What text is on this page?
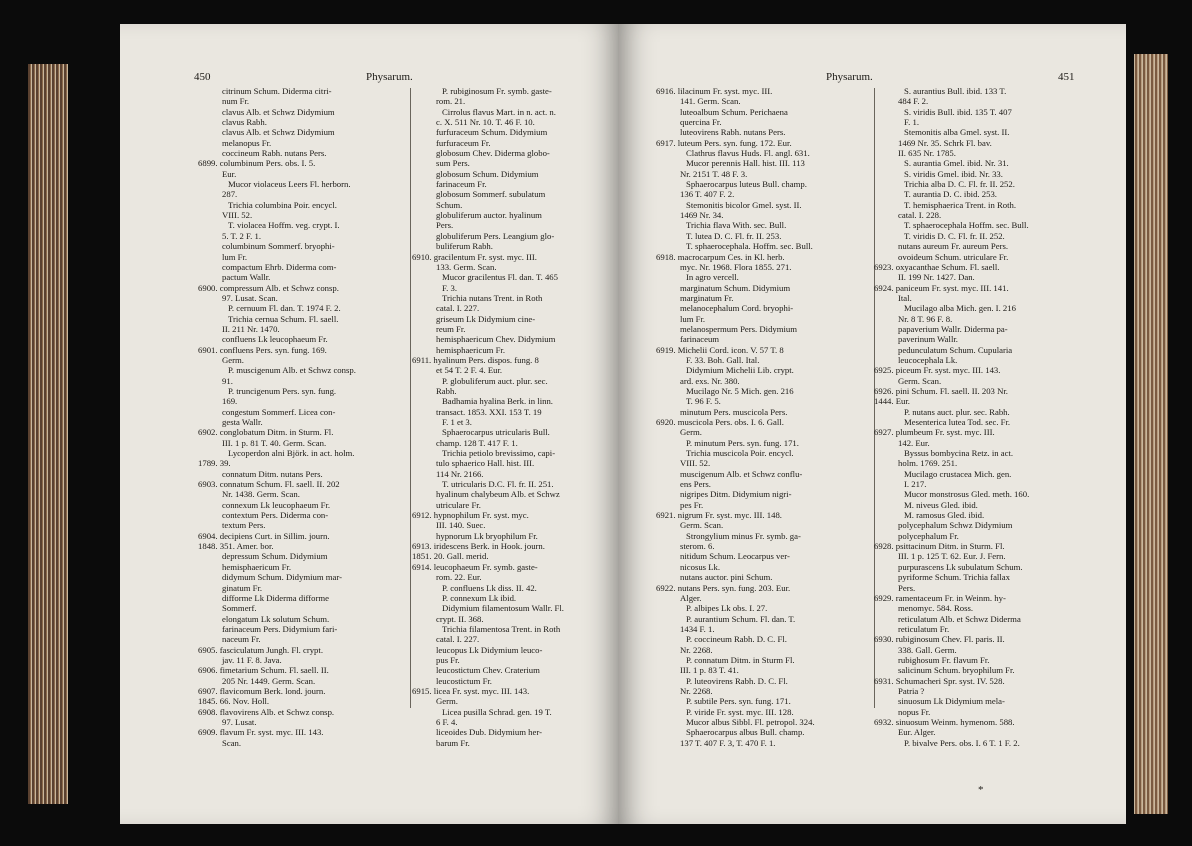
450	Physarum.
citrinum Schum. Diderma citri-
num Fr.
clavus Alb. et Schwz Didymium
clavus Rabh.
clavus Alb. et Schwz Didymium
melanopus Fr.
coccineum Rabh. nutans Pers.
6899. columbinum Pers. obs. I. 5.
Eur.
Mucor violaceus Leers Fl. herborn.
287.
Trichia columbina Poir. encycl.
VIII. 52.
T. violacea Hoffm. veg. crypt. I.
5. T. 2 F. 1.
columbinum Sommerf. bryophi-
lum Fr.
compactum Ehrb. Diderma com-
pactum Wallr.
6900. compressum Alb. et Schwz consp.
97. Lusat. Scan.
P. cernuum Fl. dan. T. 1974 F. 2.
Trichia cernua Schum. Fl. saell.
II. 211 Nr. 1470.
confluens Lk leucophaeum Fr.
6901. confluens Pers. syn. fung. 169.
Germ.
P. muscigenum Alb. et Schwz consp.
91.
P. truncigenum Pers. syn. fung.
169.
congestum Sommerf. Licea con-
gesta Wallr.
6902. conglobatum Ditm. in Sturm. Fl.
III. 1 p. 81 T. 40. Germ. Scan.
Lycoperdon alni Björk. in act. holm.
1789. 39.
connatum Ditm. nutans Pers.
6903. connatum Schum. Fl. saell. II. 202
Nr. 1438. Germ. Scan.
connexum Lk leucophaeum Fr.
contextum Pers. Diderma con-
textum Pers.
6904. decipiens Curt. in Sillim. journ.
1848. 351. Amer. bor.
depressum Schum. Didymium
hemisphaericum Fr.
didymum Schum. Didymium mar-
ginatum Fr.
difforme Lk Diderma difforme
Sommerf.
elongatum Lk solutum Schum.
farinaceum Pers. Didymium fari-
naceum Fr.
6905. fasciculatum Jungh. Fl. crypt.
jav. 11 F. 8. Java.
6906. fimetarium Schum. Fl. saell. II.
205 Nr. 1449. Germ. Scan.
6907. flavicomum Berk. lond. journ.
1845. 66. Nov. Holl.
6908. flavovirens Alb. et Schwz consp.
97. Lusat.
6909. flavum Fr. syst. myc. III. 143.
Scan.
P. rubiginosum Fr. symb. gaste-
rom. 21.
Cirrolus flavus Mart. in n. act. n.
c. X. 511 Nr. 10. T. 46 F. 10.
furfuraceum Schum. Didymium
furfuraceum Fr.
globosum Chev. Diderma globo-
sum Pers.
globosum Schum. Didymium
farinaceum Fr.
globosum Sommerf. subulatum
Schum.
globuliferum auctor. hyalinum
Pers.
globuliferum Pers. Leangium glo-
buliferum Rabh.
6910. gracilentum Fr. syst. myc. III.
133. Germ. Scan.
Mucor gracilentus Fl. dan. T. 465
F. 3.
Trichia nutans Trent. in Roth
catal. I. 227.
griseum Lk Didymium cine-
reum Fr.
hemisphaericum Chev. Didymium
hemisphaericum Fr.
6911. hyalinum Pers. dispos. fung. 8
et 54 T. 2 F. 4. Eur.
P. globuliferum auct. plur. sec.
Rabh.
Badhamia hyalina Berk. in linn.
transact. 1853. XXI. 153 T. 19
F. 1 et 3.
Sphaerocarpus utricularis Bull.
champ. 128 T. 417 F. 1.
Trichia petiolo brevissimo, capi-
tulo sphaerico Hall. hist. III.
114 Nr. 2166.
T. utricularis D.C. Fl. fr. II. 251.
hyalinum chalybeum Alb. et Schwz
utriculare Fr.
6912. hypnophilum Fr. syst. myc.
III. 140. Suec.
hypnorum Lk bryophilum Fr.
6913. iridescens Berk. in Hook. journ.
1851. 20. Gall. merid.
6914. leucophaeum Fr. symb. gaste-
rom. 22. Eur.
P. confluens Lk diss. II. 42.
P. connexum Lk ibid.
Didymium filamentosum Wallr. Fl.
crypt. II. 368.
Trichia filamentosa Trent. in Roth
catal. I. 227.
leucopus Lk Didymium leuco-
pus Fr.
leucostictum Chev. Craterium
leucostictum Fr.
6915. licea Fr. syst. myc. III. 143.
Germ.
Licea pusilla Schrad. gen. 19 T.
6 F. 4.
liceoides Dub. Didymium her-
barum Fr.
Physarum.	451
6916. lilacinum Fr. syst. myc. III.
141. Germ. Scan.
luteoalbum Schum. Perichaena
quercina Fr.
luteovirens Rabh. nutans Pers.
6917. luteum Pers. syn. fung. 172. Eur.
Clathrus flavus Huds. Fl. angl. 631.
Mucor perennis Hall. hist. III. 113
Nr. 2151 T. 48 F. 3.
Sphaerocarpus luteus Bull. champ.
136 T. 407 F. 2.
Stemonitis bicolor Gmel. syst. II.
1469 Nr. 34.
Trichia flava With. sec. Bull.
T. lutea D. C. Fl. fr. II. 253.
T. sphaerocephala. Hoffm. sec. Bull.
6918. macrocarpum Ces. in Kl. herb.
myc. Nr. 1968. Flora 1855. 271.
In agro vercell.
marginatum Schum. Didymium
marginatum Fr.
melanocephalum Cord. bryophi-
lum Fr.
melanospermum Pers. Didymium
farinaceum
6919. Michelii Cord. icon. V. 57 T. 8
F. 33. Boh. Gall. Ital.
Didymium Michelii Lib. crypt.
ard. exs. Nr. 380.
Mucilago Nr. 5 Mich. gen. 216
T. 96 F. 5.
minutum Pers. muscicola Pers.
6920. muscicola Pers. obs. I. 6. Gall.
Germ.
P. minutum Pers. syn. fung. 171.
Trichia muscicola Poir. encycl.
VIII. 52.
muscigenum Alb. et Schwz conflu-
ens Pers.
nigripes Ditm. Didymium nigri-
pes Fr.
6921. nigrum Fr. syst. myc. III. 148.
Germ. Scan.
Strongylium minus Fr. symb. ga-
sterom. 6.
nitidum Schum. Leocarpus ver-
nicosus Lk.
nutans auctor. pini Schum.
6922. nutans Pers. syn. fung. 203. Eur.
Alger.
P. albipes Lk obs. I. 27.
P. aurantium Schum. Fl. dan. T.
1434 F. 1.
P. coccineum Rabh. D. C. Fl.
Nr. 2268.
P. connatum Ditm. in Sturm Fl.
III. 1 p. 83 T. 41.
P. luteovirens Rabh. D. C. Fl.
Nr. 2268.
P. subtile Pers. syn. fung. 171.
P. viride Fr. syst. myc. III. 128.
Mucor albus Sibbl. Fl. petropol. 324.
Sphaerocarpus albus Bull. champ.
137 T. 407 F. 3, T. 470 F. 1.
S. aurantius Bull. ibid. 133 T.
484 F. 2.
S. viridis Bull. ibid. 135 T. 407
F. 1.
Stemonitis alba Gmel. syst. II.
1469 Nr. 35. Schrk Fl. bav.
II. 635 Nr. 1785.
S. aurantia Gmel. ibid. Nr. 31.
S. viridis Gmel. ibid. Nr. 33.
Trichia alba D. C. Fl. fr. II. 252.
T. aurantia D. C. ibid. 253.
T. hemisphaerica Trent. in Roth.
catal. I. 228.
T. sphaerocephala Hoffm. sec. Bull.
T. viridis D. C. Fl. fr. II. 252.
nutans aureum Fr. aureum Pers.
ovoideum Schum. utriculare Fr.
6923. oxyacanthae Schum. Fl. saell.
II. 199 Nr. 1427. Dan.
6924. paniceum Fr. syst. myc. III. 141.
Ital.
Mucilago alba Mich. gen. I. 216
Nr. 8 T. 96 F. 8.
papaverium Wallr. Diderma pa-
paverinum Wallr.
pedunculatum Schum. Cupularia
leucocephala Lk.
6925. piceum Fr. syst. myc. III. 143.
Germ. Scan.
6926. pini Schum. Fl. saell. II. 203 Nr.
1444. Eur.
P. nutans auct. plur. sec. Rabh.
Mesenterica lutea Tod. sec. Fr.
6927. plumbeum Fr. syst. myc. III.
142. Eur.
Byssus bombycina Retz. in act.
holm. 1769. 251.
Mucilago crustacea Mich. gen.
I. 217.
Mucor monstrosus Gled. meth. 160.
M. niveus Gled. ibid.
M. ramosus Gled. ibid.
polycephalum Schwz Didymium
polycephalum Fr.
6928. psittacinum Ditm. in Sturm. Fl.
III. 1 p. 125 T. 62. Eur. J. Fern.
purpurascens Lk subulatum Schum.
pyriforme Schum. Trichia fallax
Pers.
6929. ramentaceum Fr. in Weinm. hy-
menomyc. 584. Ross.
reticulatum Alb. et Schwz Diderma
reticulatum Fr.
6930. rubiginosum Chev. Fl. paris. II.
338. Gall. Germ.
rubighosum Fr. flavum Fr.
salicinum Schum. bryophilum Fr.
6931. Schumacheri Spr. syst. IV. 528.
Patria ?
sinuosum Lk Didymium mela-
nopus Fr.
6932. sinuosum Weinm. hymenom. 588.
Eur. Alger.
P. bivalve Pers. obs. I. 6 T. 1 F. 2.
*
